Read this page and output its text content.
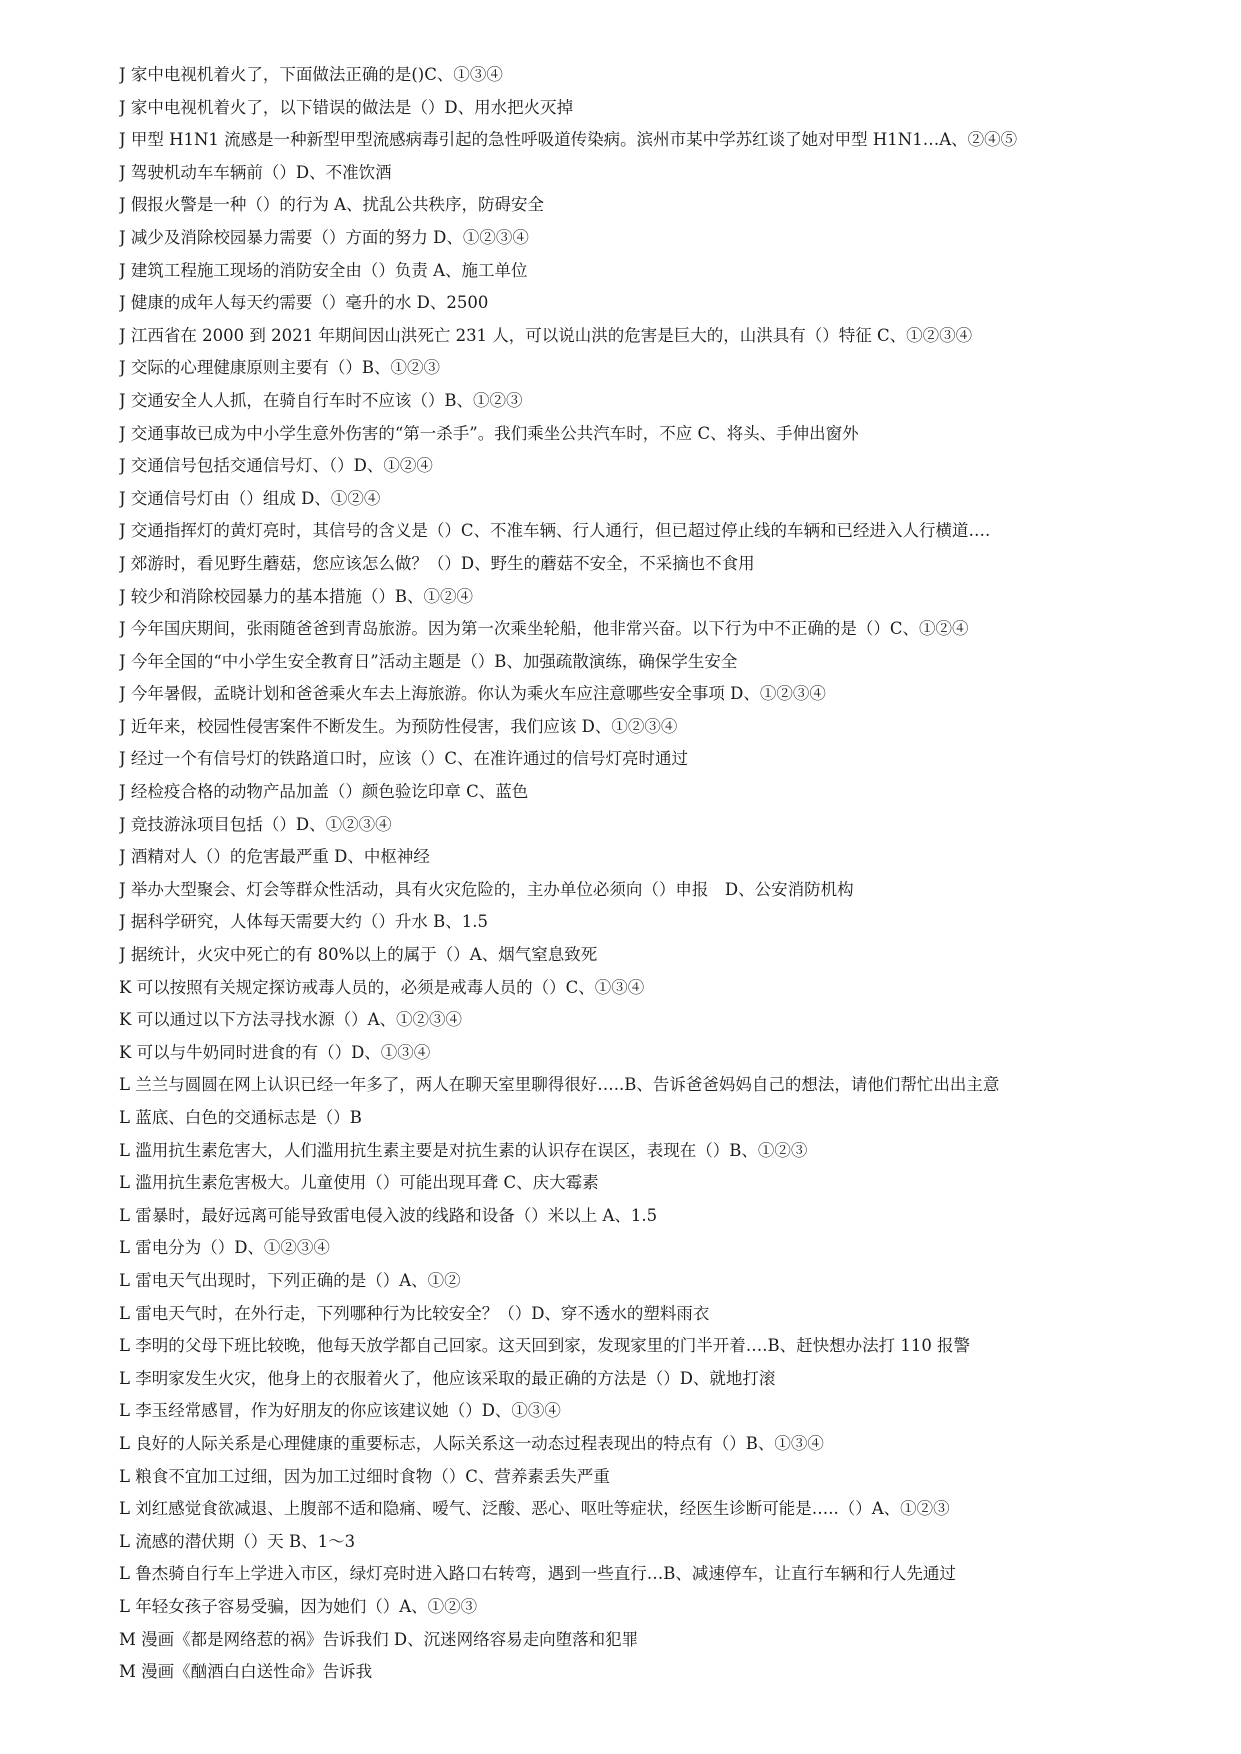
J 家中电视机着火了，下面做法正确的是()C、①③④
J 家中电视机着火了，以下错误的做法是（）D、用水把火灭掉
J 甲型 H1N1 流感是一种新型甲型流感病毒引起的急性呼吸道传染病。滨州市某中学苏红谈了她对甲型 H1N1…A、②④⑤
J 驾驶机动车车辆前（）D、不准饮酒
J 假报火警是一种（）的行为 A、扰乱公共秩序，防碍安全
J 减少及消除校园暴力需要（）方面的努力 D、①②③④
J 建筑工程施工现场的消防安全由（）负责 A、施工单位
J 健康的成年人每天约需要（）毫升的水 D、2500
J 江西省在 2000 到 2021 年期间因山洪死亡 231 人，可以说山洪的危害是巨大的，山洪具有（）特征 C、①②③④
J 交际的心理健康原则主要有（）B、①②③
J 交通安全人人抓，在骑自行车时不应该（）B、①②③
J 交通事故已成为中小学生意外伤害的“第一杀手”。我们乘坐公共汽车时，不应 C、将头、手伸出窗外
J 交通信号包括交通信号灯、（）D、①②④
J 交通信号灯由（）组成 D、①②④
J 交通指挥灯的黄灯亮时，其信号的含义是（）C、不准车辆、行人通行，但已超过停止线的车辆和已经进入人行横道….
J 郊游时，看见野生蘑菇，您应该怎么做？（）D、野生的蘑菇不安全，不采摘也不食用
J 较少和消除校园暴力的基本措施（）B、①②④
J 今年国庆期间，张雨随爸爸到青岛旅游。因为第一次乘坐轮船，他非常兴奋。以下行为中不正确的是（）C、①②④
J 今年全国的“中小学生安全教育日”活动主题是（）B、加强疏散演练，确保学生安全
J 今年暑假，孟晓计划和爸爸乘火车去上海旅游。你认为乘火车应注意哪些安全事项 D、①②③④
J 近年来，校园性侵害案件不断发生。为预防性侵害，我们应该 D、①②③④
J 经过一个有信号灯的铁路道口时，应该（）C、在准许通过的信号灯亮时通过
J 经检疫合格的动物产品加盖（）颜色验讫印章 C、蓝色
J 竞技游泳项目包括（）D、①②③④
J 酒精对人（）的危害最严重 D、中枢神经
J 举办大型聚会、灯会等群众性活动，具有火灾危险的，主办单位必须向（）申报　D、公安消防机构
J 据科学研究，人体每天需要大约（）升水 B、1.5
J 据统计，火灾中死亡的有 80%以上的属于（）A、烟气窒息致死
K 可以按照有关规定探访戒毒人员的，必须是戒毒人员的（）C、①③④
K 可以通过以下方法寻找水源（）A、①②③④
K 可以与牛奶同时进食的有（）D、①③④
L 兰兰与圆圆在网上认识已经一年多了，两人在聊天室里聊得很好…..B、告诉爸爸妈妈自己的想法，请他们帮忙出出主意
L 蓝底、白色的交通标志是（）B
L 滥用抗生素危害大，人们滥用抗生素主要是对抗生素的认识存在误区，表现在（）B、①②③
L 滥用抗生素危害极大。儿童使用（）可能出现耳聋 C、庆大霉素
L 雷暴时，最好远离可能导致雷电侵入波的线路和设备（）米以上 A、1.5
L 雷电分为（）D、①②③④
L 雷电天气出现时，下列正确的是（）A、①②
L 雷电天气时，在外行走，下列哪种行为比较安全？（）D、穿不透水的塑料雨衣
L 李明的父母下班比较晚，他每天放学都自己回家。这天回到家，发现家里的门半开着….B、赶快想办法打 110 报警
L 李明家发生火灾，他身上的衣服着火了，他应该采取的最正确的方法是（）D、就地打滚
L 李玉经常感冒，作为好朋友的你应该建议她（）D、①③④
L 良好的人际关系是心理健康的重要标志，人际关系这一动态过程表现出的特点有（）B、①③④
L 粮食不宜加工过细，因为加工过细时食物（）C、营养素丢失严重
L 刘红感觉食欲减退、上腹部不适和隐痛、嗳气、泛酸、恶心、呕吐等症状，经医生诊断可能是…..（）A、①②③
L 流感的潜伏期（）天 B、1～3
L 鲁杰骑自行车上学进入市区，绿灯亮时进入路口右转弯，遇到一些直行…B、减速停车，让直行车辆和行人先通过
L 年轻女孩子容易受骗，因为她们（）A、①②③
M 漫画《都是网络惹的祸》告诉我们 D、沉迷网络容易走向堕落和犯罪
M 漫画《酗酒白白送性命》告诉我
